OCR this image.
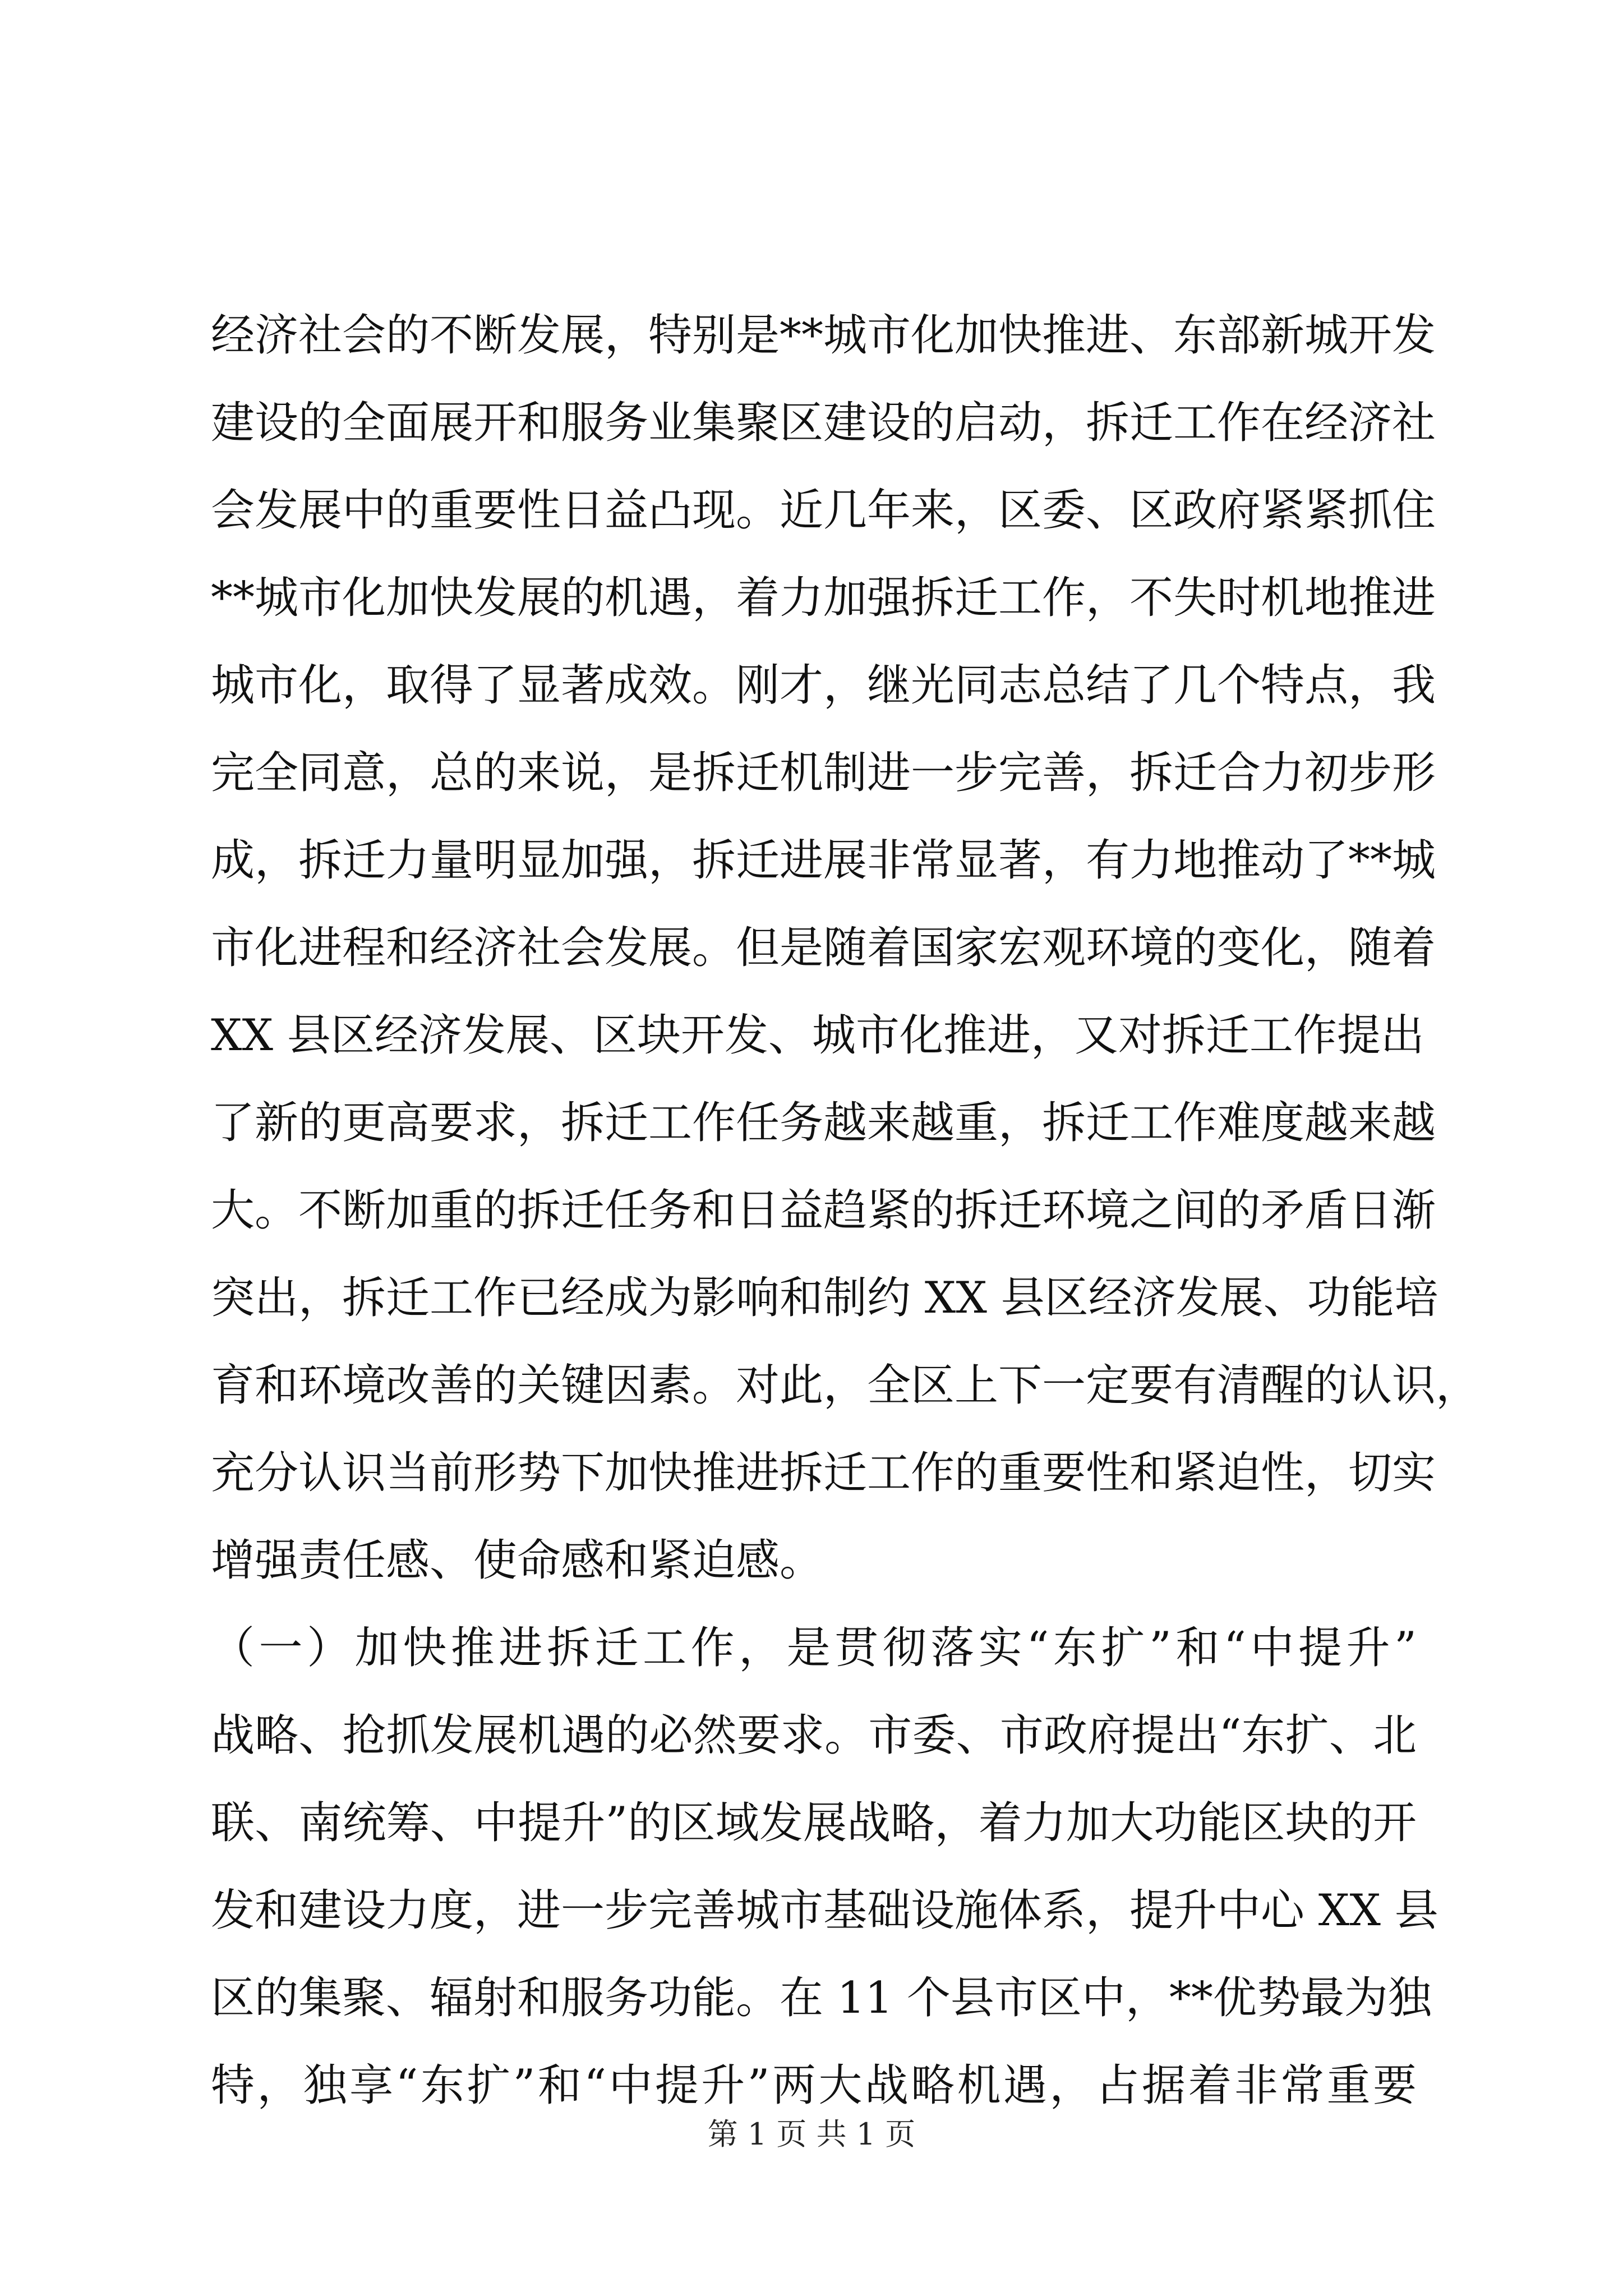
经济社会的不断发展，特别是**城市化加快推进、东部新城开发
建设的全面展开和服务业集聚区建设的启动，拆迁工作在经济社
会发展中的重要性日益凸现。近几年来，区委、区政府紧紧抓住
**城市化加快发展的机遇，着力加强拆迁工作，不失时机地推进
城市化，取得了显著成效。刚才，继光同志总结了几个特点，我
完全同意，总的来说，是拆迁机制进一步完善，拆迁合力初步形
成，拆迁力量明显加强，拆迁进展非常显著，有力地推动了**城
市化进程和经济社会发展。但是随着国家宏观环境的变化，随着
XX 县区经济发展、区块开发、城市化推进，又对拆迁工作提出
了新的更高要求，拆迁工作任务越来越重，拆迁工作难度越来越
大。不断加重的拆迁任务和日益趋紧的拆迁环境之间的矛盾日渐
突出，拆迁工作已经成为影响和制约 XX 县区经济发展、功能培
育和环境改善的关键因素。对此，全区上下一定要有清醒的认识，
充分认识当前形势下加快推进拆迁工作的重要性和紧迫性，切实
增强责任感、使命感和紧迫感。
（一）加快推进拆迁工作，是贯彻落实“东扩”和“中提升”
战略、抢抓发展机遇的必然要求。市委、市政府提出“东扩、北
联、南统筹、中提升”的区域发展战略，着力加大功能区块的开
发和建设力度，进一步完善城市基础设施体系，提升中心 XX 县
区的集聚、辐射和服务功能。在 11 个县市区中，**优势最为独
特，独享“东扩”和“中提升”两大战略机遇，占据着非常重要
第 1 页 共 1 页
